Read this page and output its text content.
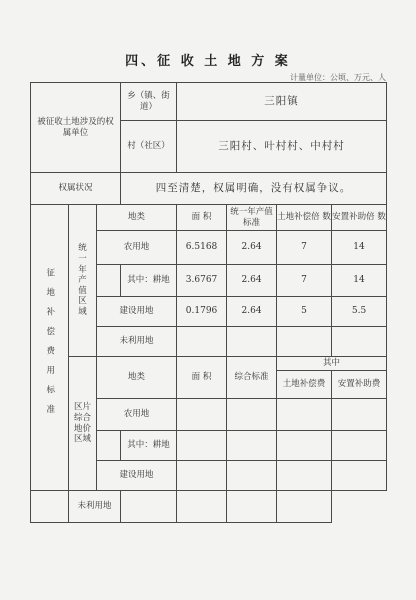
四、征 收 土 地 方 案
计量单位：公顷、万元、人
被征收土地涉及的权属单位			乡（镇、街道）	三阳镇			
			村（社区）	三阳村、叶村村、中村村			
权属状况			四至清楚，权属明确，没有权属争议。				
征地补偿费用标准	统一年产值区域	地类		面 积	统一年产值标准	土地补偿倍 数	安置补助倍 数
		农用地		6.5168	2.64	7	14
			其中：耕地	3.6767	2.64	7	14
		建设用地		0.1796	2.64	5	5.5
		未利用地					
	区片综合地价区域	地类		面 积	综合标准	其中	
						土地补偿费	安置补助费
		农用地					
			其中：耕地				
		建设用地					
	未利用地						
